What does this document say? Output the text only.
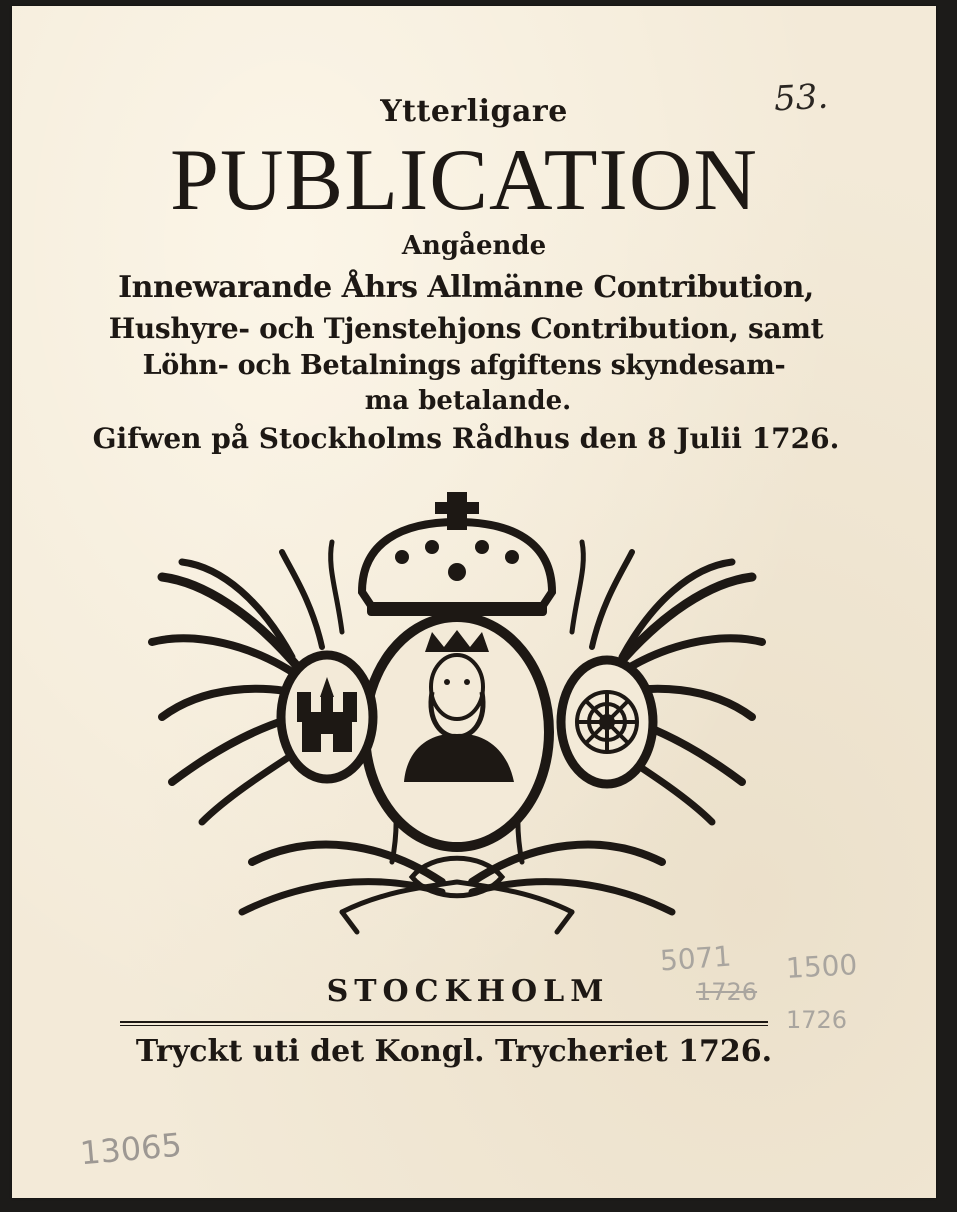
53.
Ytterligare
PUBLICATION
Angående
Innewarande Åhrs Allmänne Contribution,
Hushyre- och Tjenstehjons Contribution, samt
Löhn- och Betalnings afgiftens skyndesam-
ma betalande.
Gifwen på Stockholms Rådhus den 8 Julii 1726.
STOCKHOLM
5071 1500
1726
1726
Tryckt uti det Kongl. Trycheriet 1726.
13065
